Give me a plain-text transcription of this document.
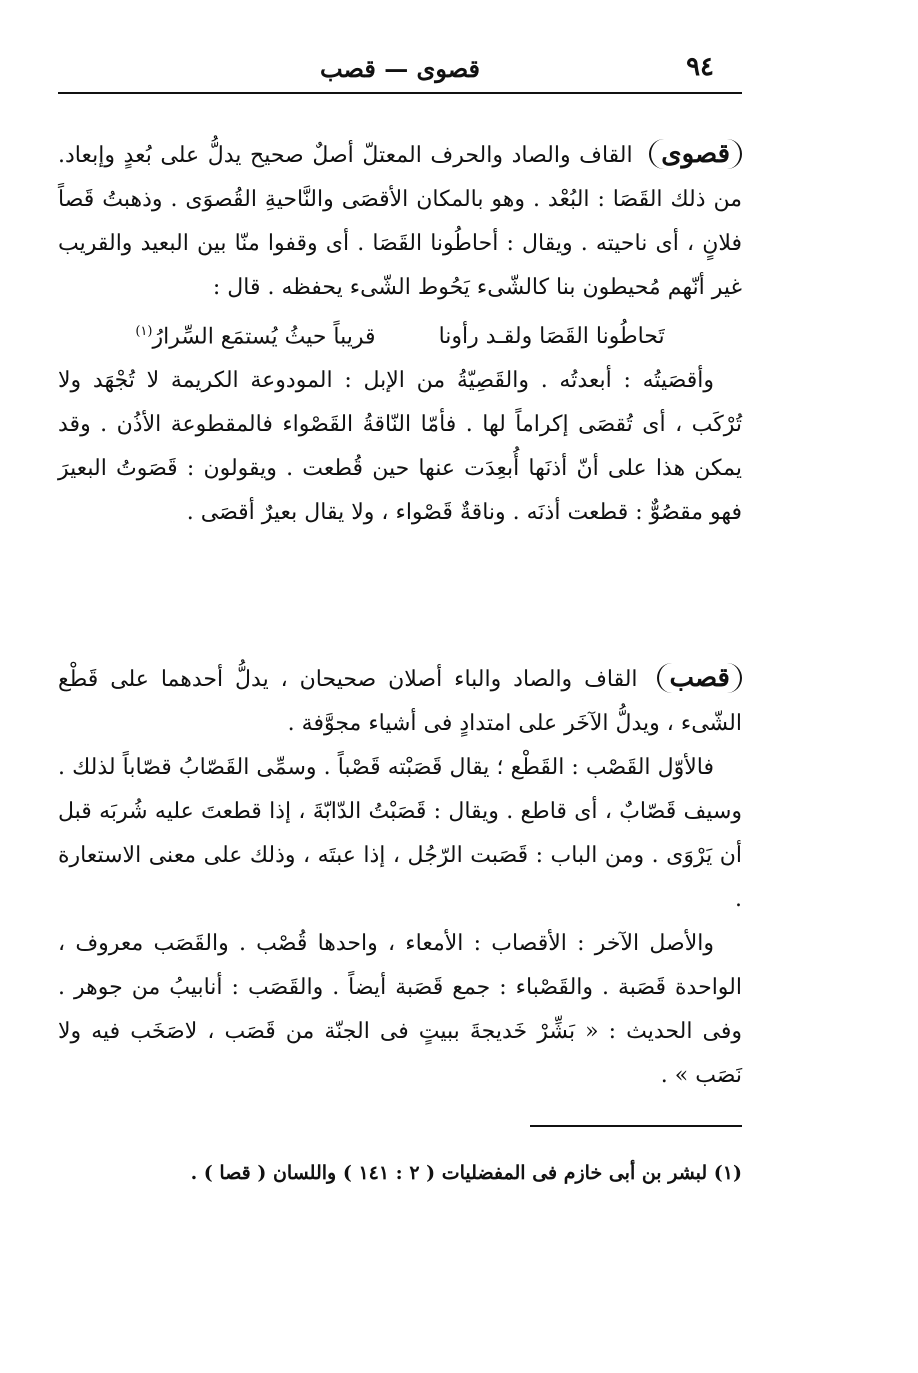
٩٤
قصوى — قصب

قصوى القاف والصاد والحرف المعتلّ أصلٌ صحيح يدلُّ على بُعدٍ وإبعاد. من ذلك القَصَا : البُعْد . وهو بالمكان الأقصَى والنَّاحيةِ القُصوَى . وذهبتُ قَصاً فلانٍ ، أى ناحيته . ويقال : أحاطُونا القَصَا . أى وقفوا منّا بين البعيد والقريب غير أنّهم مُحيطون بنا كالشّىء يَحُوط الشّىء يحفظه . قال :

تَحاطُونا القَصَا ولقـد رأونا قريباً حيثُ يُستمَع السِّرارُ$^{(١)}$

وأقصَيتُه : أبعدتُه . والقَصِيّةُ من الإبل : المودوعة الكريمة لا تُجْهَد ولا تُرْكَب ، أى تُقصَى إكراماً لها . فأمّا النّاقةُ القَصْواء فالمقطوعة الأذُن . وقد يمكن هذا على أنّ أذنَها أُبعِدَت عنها حين قُطعت . ويقولون : قَصَوتُ البعيرَ فهو مقصُوٌّ : قطعت أذنَه . وناقةٌ قَصْواء ، ولا يقال بعيرٌ أقصَى .

قصب القاف والصاد والباء أصلان صحيحان ، يدلُّ أحدهما على قَطْع الشّىء ، ويدلُّ الآخَر على امتدادٍ فى أشياء مجوَّفة .

فالأوّل القَصْب : القَطْع ؛ يقال قَصَبْته قَصْباً . وسمِّى القَصّابُ قصّاباً لذلك . وسيف قَصّابٌ ، أى قاطع . ويقال : قَصَبْتُ الدّابّةَ ، إذا قطعتَ عليه شُربَه قبل أن يَرْوَى . ومن الباب : قَصَبت الرّجُل ، إذا عبتَه ، وذلك على معنى الاستعارة .

والأصل الآخر : الأقصاب : الأمعاء ، واحدها قُصْب . والقَصَب معروف ، الواحدة قَصَبة . والقَصْباء : جمع قَصَبة أيضاً . والقَصَب : أنابيبُ من جوهر . وفى الحديث : « بَشِّرْ خَديجةَ ببيتٍ فى الجنّة من قَصَب ، لاصَخَب فيه ولا نَصَب » .

(١) لبشر بن أبى خازم فى المفضليات ( ٢ : ١٤١ ) واللسان ( قصا ) .
